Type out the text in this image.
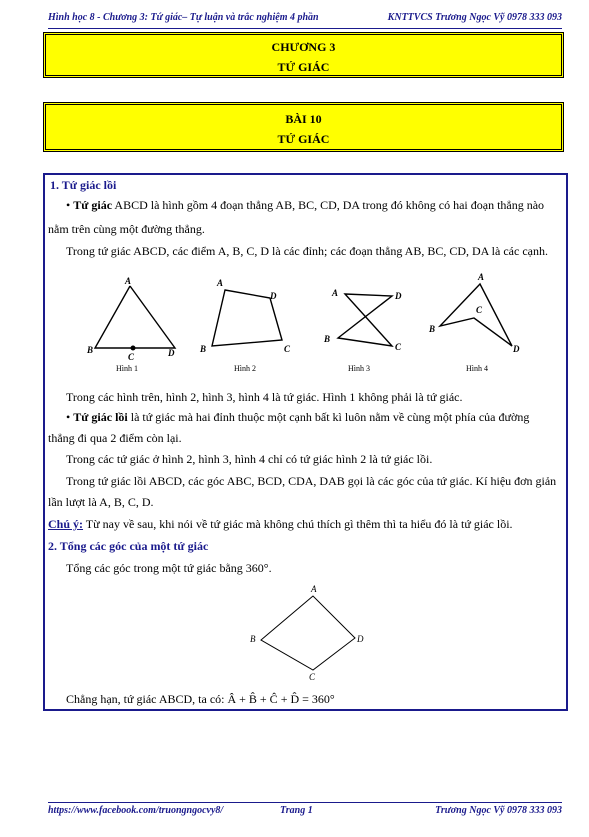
Hình học 8 - Chương 3: Tứ giác– Tự luận và trắc nghiệm 4 phần	KNTTVCS Trương Ngọc Vỹ 0978 333 093
CHƯƠNG 3
TỨ GIÁC
BÀI 10
TỨ GIÁC
1. Tứ giác lồi
• Tứ giác ABCD là hình gồm 4 đoạn thẳng AB, BC, CD, DA trong đó không có hai đoạn thẳng nào
nằm trên cùng một đường thẳng.
Trong tứ giác ABCD, các điểm A, B, C, D là các đỉnh; các đoạn thẳng AB, BC, CD, DA là các cạnh.
A
B
C	D
A
D
B	C
A	D
B
C
A
B
C
D
Hình 1	Hình 2	Hình 3	Hình 4
Trong các hình trên, hình 2, hình 3, hình 4 là tứ giác. Hình 1 không phải là tứ giác.
• Tứ giác lồi là tứ giác mà hai đỉnh thuộc một cạnh bất kì luôn nằm về cùng một phía của đường
thẳng đi qua 2 điểm còn lại.
Trong các tứ giác ở hình 2, hình 3, hình 4 chỉ có tứ giác hình 2 là tứ giác lồi.
Trong tứ giác lồi ABCD, các góc ABC, BCD, CDA, DAB gọi là các góc của tứ giác. Kí hiệu đơn giản
lần lượt là A, B, C, D.
Chú ý: Từ nay về sau, khi nói về tứ giác mà không chú thích gì thêm thì ta hiểu đó là tứ giác lồi.
2. Tổng các góc của một tứ giác
Tổng các góc trong một tứ giác bằng 360°.
A
B
C
D
Chẳng hạn, tứ giác ABCD, ta có: Â + B̂ + Ĉ + D̂ = 360°
https://www.facebook.com/truongngocvy8/	Trang 1	Trương Ngọc Vỹ 0978 333 093
